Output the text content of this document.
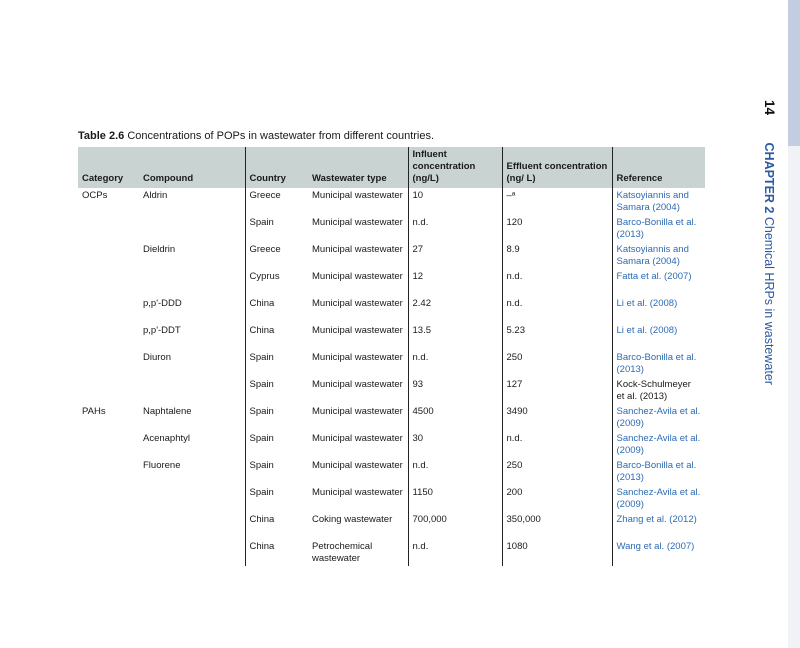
14 CHAPTER 2 Chemical HRPs in wastewater
Table 2.6 Concentrations of POPs in wastewater from different countries.
Category	Compound	Country	Wastewater type	Influent concentration (ng/L)	Effluent concentration (ng/ L)	Reference
OCPs	Aldrin	Greece	Municipal wastewater	10	–ᵃ	Katsoyiannis and Samara (2004)
		Spain	Municipal wastewater	n.d.	120	Barco-Bonilla et al. (2013)
	Dieldrin	Greece	Municipal wastewater	27	8.9	Katsoyiannis and Samara (2004)
		Cyprus	Municipal wastewater	12	n.d.	Fatta et al. (2007)
	p,p'-DDD	China	Municipal wastewater	2.42	n.d.	Li et al. (2008)
	p,p'-DDT	China	Municipal wastewater	13.5	5.23	Li et al. (2008)
	Diuron	Spain	Municipal wastewater	n.d.	250	Barco-Bonilla et al. (2013)
		Spain	Municipal wastewater	93	127	Kock-Schulmeyer et al. (2013)
PAHs	Naphtalene	Spain	Municipal wastewater	4500	3490	Sanchez-Avila et al. (2009)
	Acenaphtyl	Spain	Municipal wastewater	30	n.d.	Sanchez-Avila et al. (2009)
	Fluorene	Spain	Municipal wastewater	n.d.	250	Barco-Bonilla et al. (2013)
		Spain	Municipal wastewater	1150	200	Sanchez-Avila et al. (2009)
		China	Coking wastewater	700,000	350,000	Zhang et al. (2012)
		China	Petrochemical wastewater	n.d.	1080	Wang et al. (2007)
